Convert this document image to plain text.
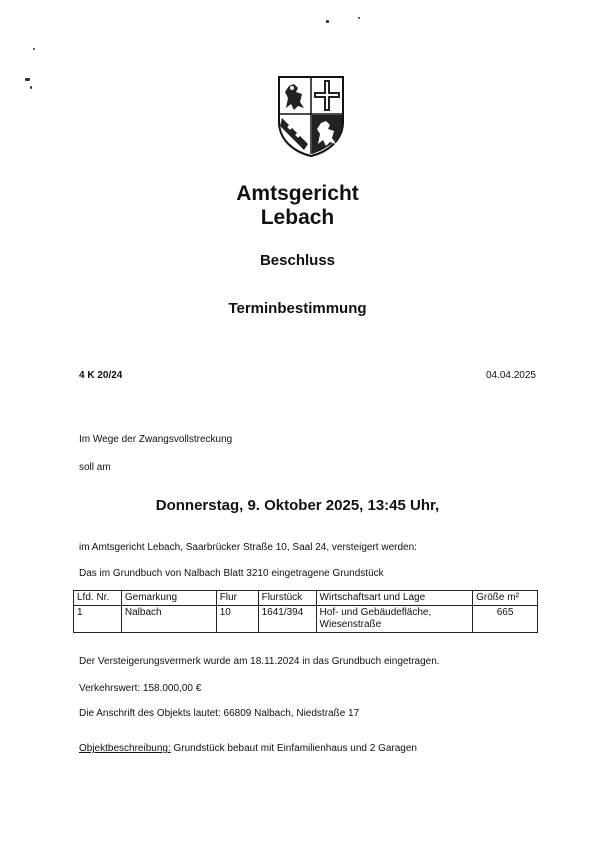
Amtsgericht
Lebach
Beschluss
Terminbestimmung
4 K 20/24	04.04.2025
Im Wege der Zwangsvollstreckung
soll am
Donnerstag, 9. Oktober 2025, 13:45 Uhr,
im Amtsgericht Lebach, Saarbrücker Straße 10, Saal 24, versteigert werden:
Das im Grundbuch von Nalbach Blatt 3210 eingetragene Grundstück
Lfd. Nr.	Gemarkung	Flur	Flurstück	Wirtschaftsart und Lage	Größe m²
1	Nalbach	10	1641/394	Hof- und Gebäudefläche, Wiesenstraße	665
Der Versteigerungsvermerk wurde am 18.11.2024 in das Grundbuch eingetragen.
Verkehrswert: 158.000,00 €
Die Anschrift des Objekts lautet: 66809 Nalbach, Niedstraße 17
Objektbeschreibung: Grundstück bebaut mit Einfamilienhaus und 2 Garagen
